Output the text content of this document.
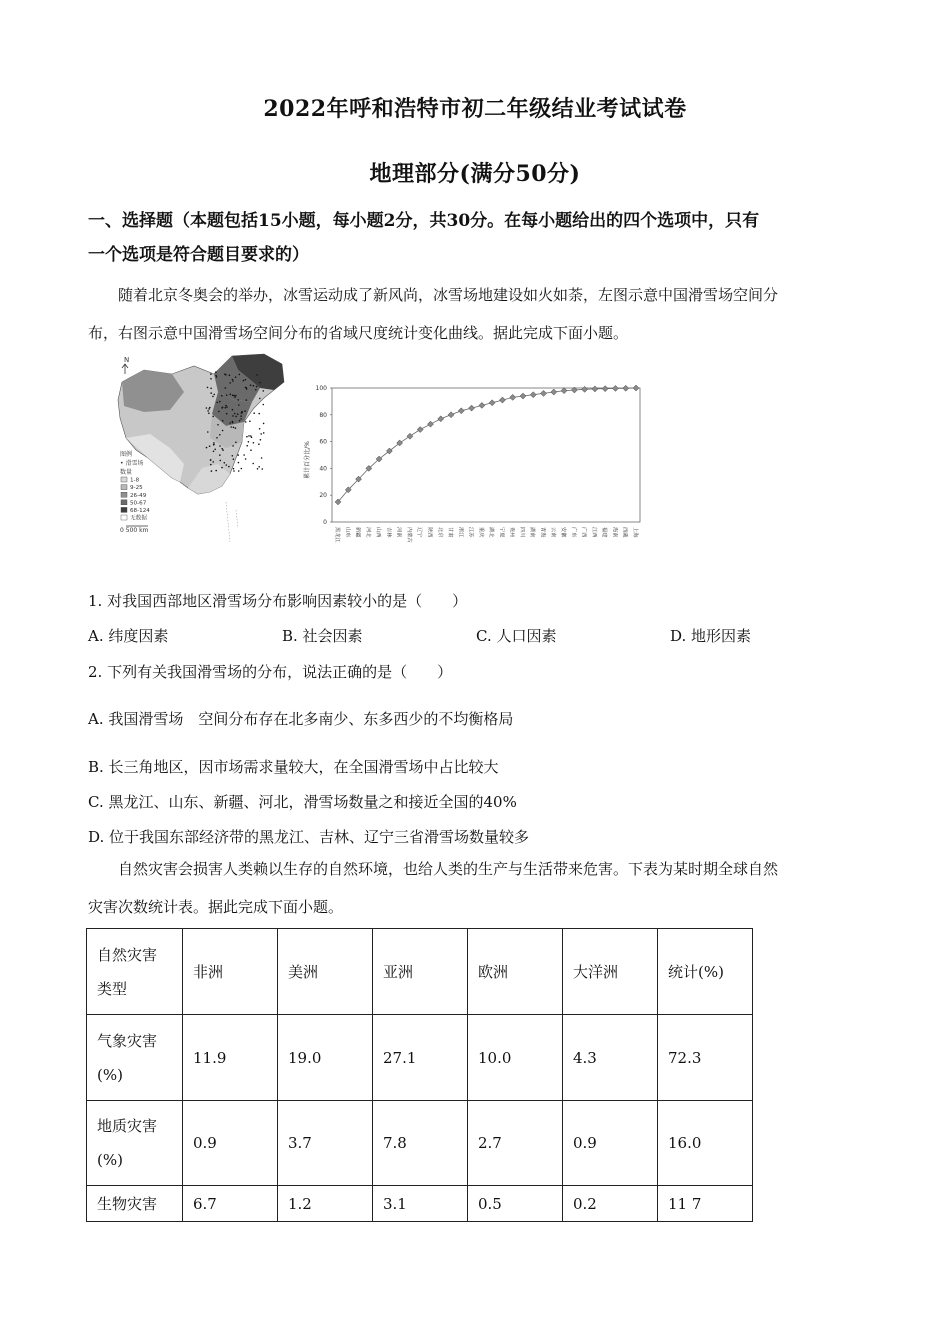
2022年呼和浩特市初二年级结业考试试卷
地理部分(满分50分)
一、选择题（本题包括15小题，每小题2分，共30分。在每小题给出的四个选项中，只有
一个选项是符合题目要求的）
随着北京冬奥会的举办，冰雪运动成了新风尚，冰雪场地建设如火如荼，左图示意中国滑雪场空间分
布，右图示意中国滑雪场空间分布的省域尺度统计变化曲线。据此完成下面小题。
N
图例
• 滑雪场
数量
1-8
9-25
26-49
50-67
68-124
无数据
0 500 km
累计百分比/%
0
20
40
60
80
100
黑龙江 山东 新疆 河北 山西 吉林 河南 内蒙古 辽宁 陕西 北京 甘肃 浙江 江苏 重庆 湖北 宁夏 贵州 四川 湖南 青海 云南 安徽 广东 广西 江西 福建 海南 西藏 上海
1. 对我国西部地区滑雪场分布影响因素较小的是（　　）
A. 纬度因素	B. 社会因素	C. 人口因素	D. 地形因素
2. 下列有关我国滑雪场的分布，说法正确的是（　　）
A. 我国滑雪场　空间分布存在北多南少、东多西少的不均衡格局
B. 长三角地区，因市场需求量较大，在全国滑雪场中占比较大
C. 黑龙江、山东、新疆、河北，滑雪场数量之和接近全国的40%
D. 位于我国东部经济带的黑龙江、吉林、辽宁三省滑雪场数量较多
自然灾害会损害人类赖以生存的自然环境，也给人类的生产与生活带来危害。下表为某时期全球自然
灾害次数统计表。据此完成下面小题。
自然灾害
类型	非洲	美洲	亚洲	欧洲	大洋洲	统计(%)

气象灾害
(%)	11.9	19.0	27.1	10.0	4.3	72.3

地质灾害
(%)	0.9	3.7	7.8	2.7	0.9	16.0

生物灾害	6.7	1.2	3.1	0.5	0.2	11 7
